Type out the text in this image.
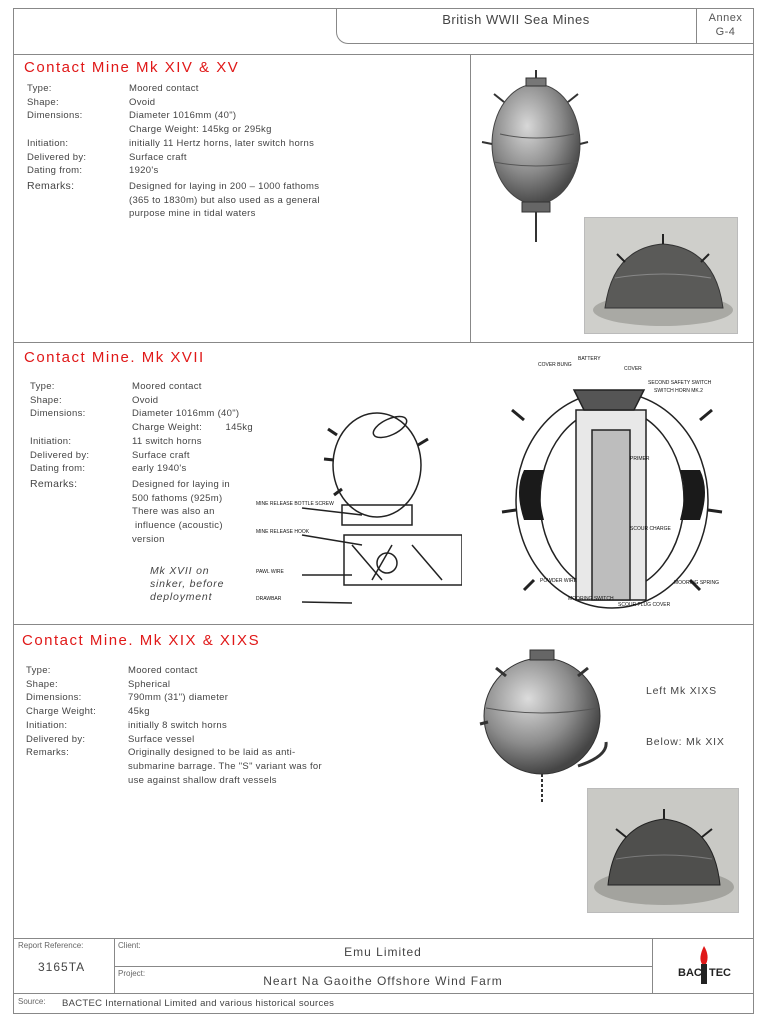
British WWII Sea Mines	Annex
G-4
Contact Mine Mk XIV & XV
Type:	Moored contact
Shape:	Ovoid
Dimensions:	Diameter 1016mm (40")
Charge Weight: 145kg or 295kg
Initiation:	initially 11 Hertz horns, later switch horns
Delivered by:	Surface craft
Dating from:	1920's
Remarks:	Designed for laying in 200 – 1000 fathoms
(365 to 1830m) but also used as a general
purpose mine in tidal waters
Contact Mine. Mk XVII
Type:	Moored contact
Shape:	Ovoid
Dimensions:	Diameter 1016mm (40")
Charge Weight:        145kg
Initiation:	11 switch horns
Delivered by:	Surface craft
Dating from:	early 1940's
Remarks:	Designed for laying in
500 fathoms (925m)
There was also an
influence (acoustic)
version
Mk XVII on
sinker, before
deployment
MINE RELEASE BOTTLE SCREW
MINE RELEASE HOOK
PAWL WIRE
DRAWBAR
COVER BUNG
BATTERY
COVER
SECOND SAFETY SWITCH
SWITCH HORN MK.2
PRIMER
SCOUR CHARGE
POWDER WIRE
MOORING SWITCH
MOORING SPRING
SCOUR PLUG COVER
Contact Mine. Mk XIX & XIXS
Type:	Moored contact
Shape:	Spherical
Dimensions:	790mm (31") diameter
Charge Weight:	45kg
Initiation:	initially 8 switch horns
Delivered by:	Surface vessel
Remarks:	Originally designed to be laid as anti-
submarine barrage. The "S" variant was for
use against shallow draft vessels
Left Mk XIXS
Below: Mk XIX
Report Reference:
3165TA
Client:	Emu Limited
Project:
Neart Na Gaoithe Offshore Wind Farm
BAC TEC
Source: BACTEC International Limited and various historical sources
